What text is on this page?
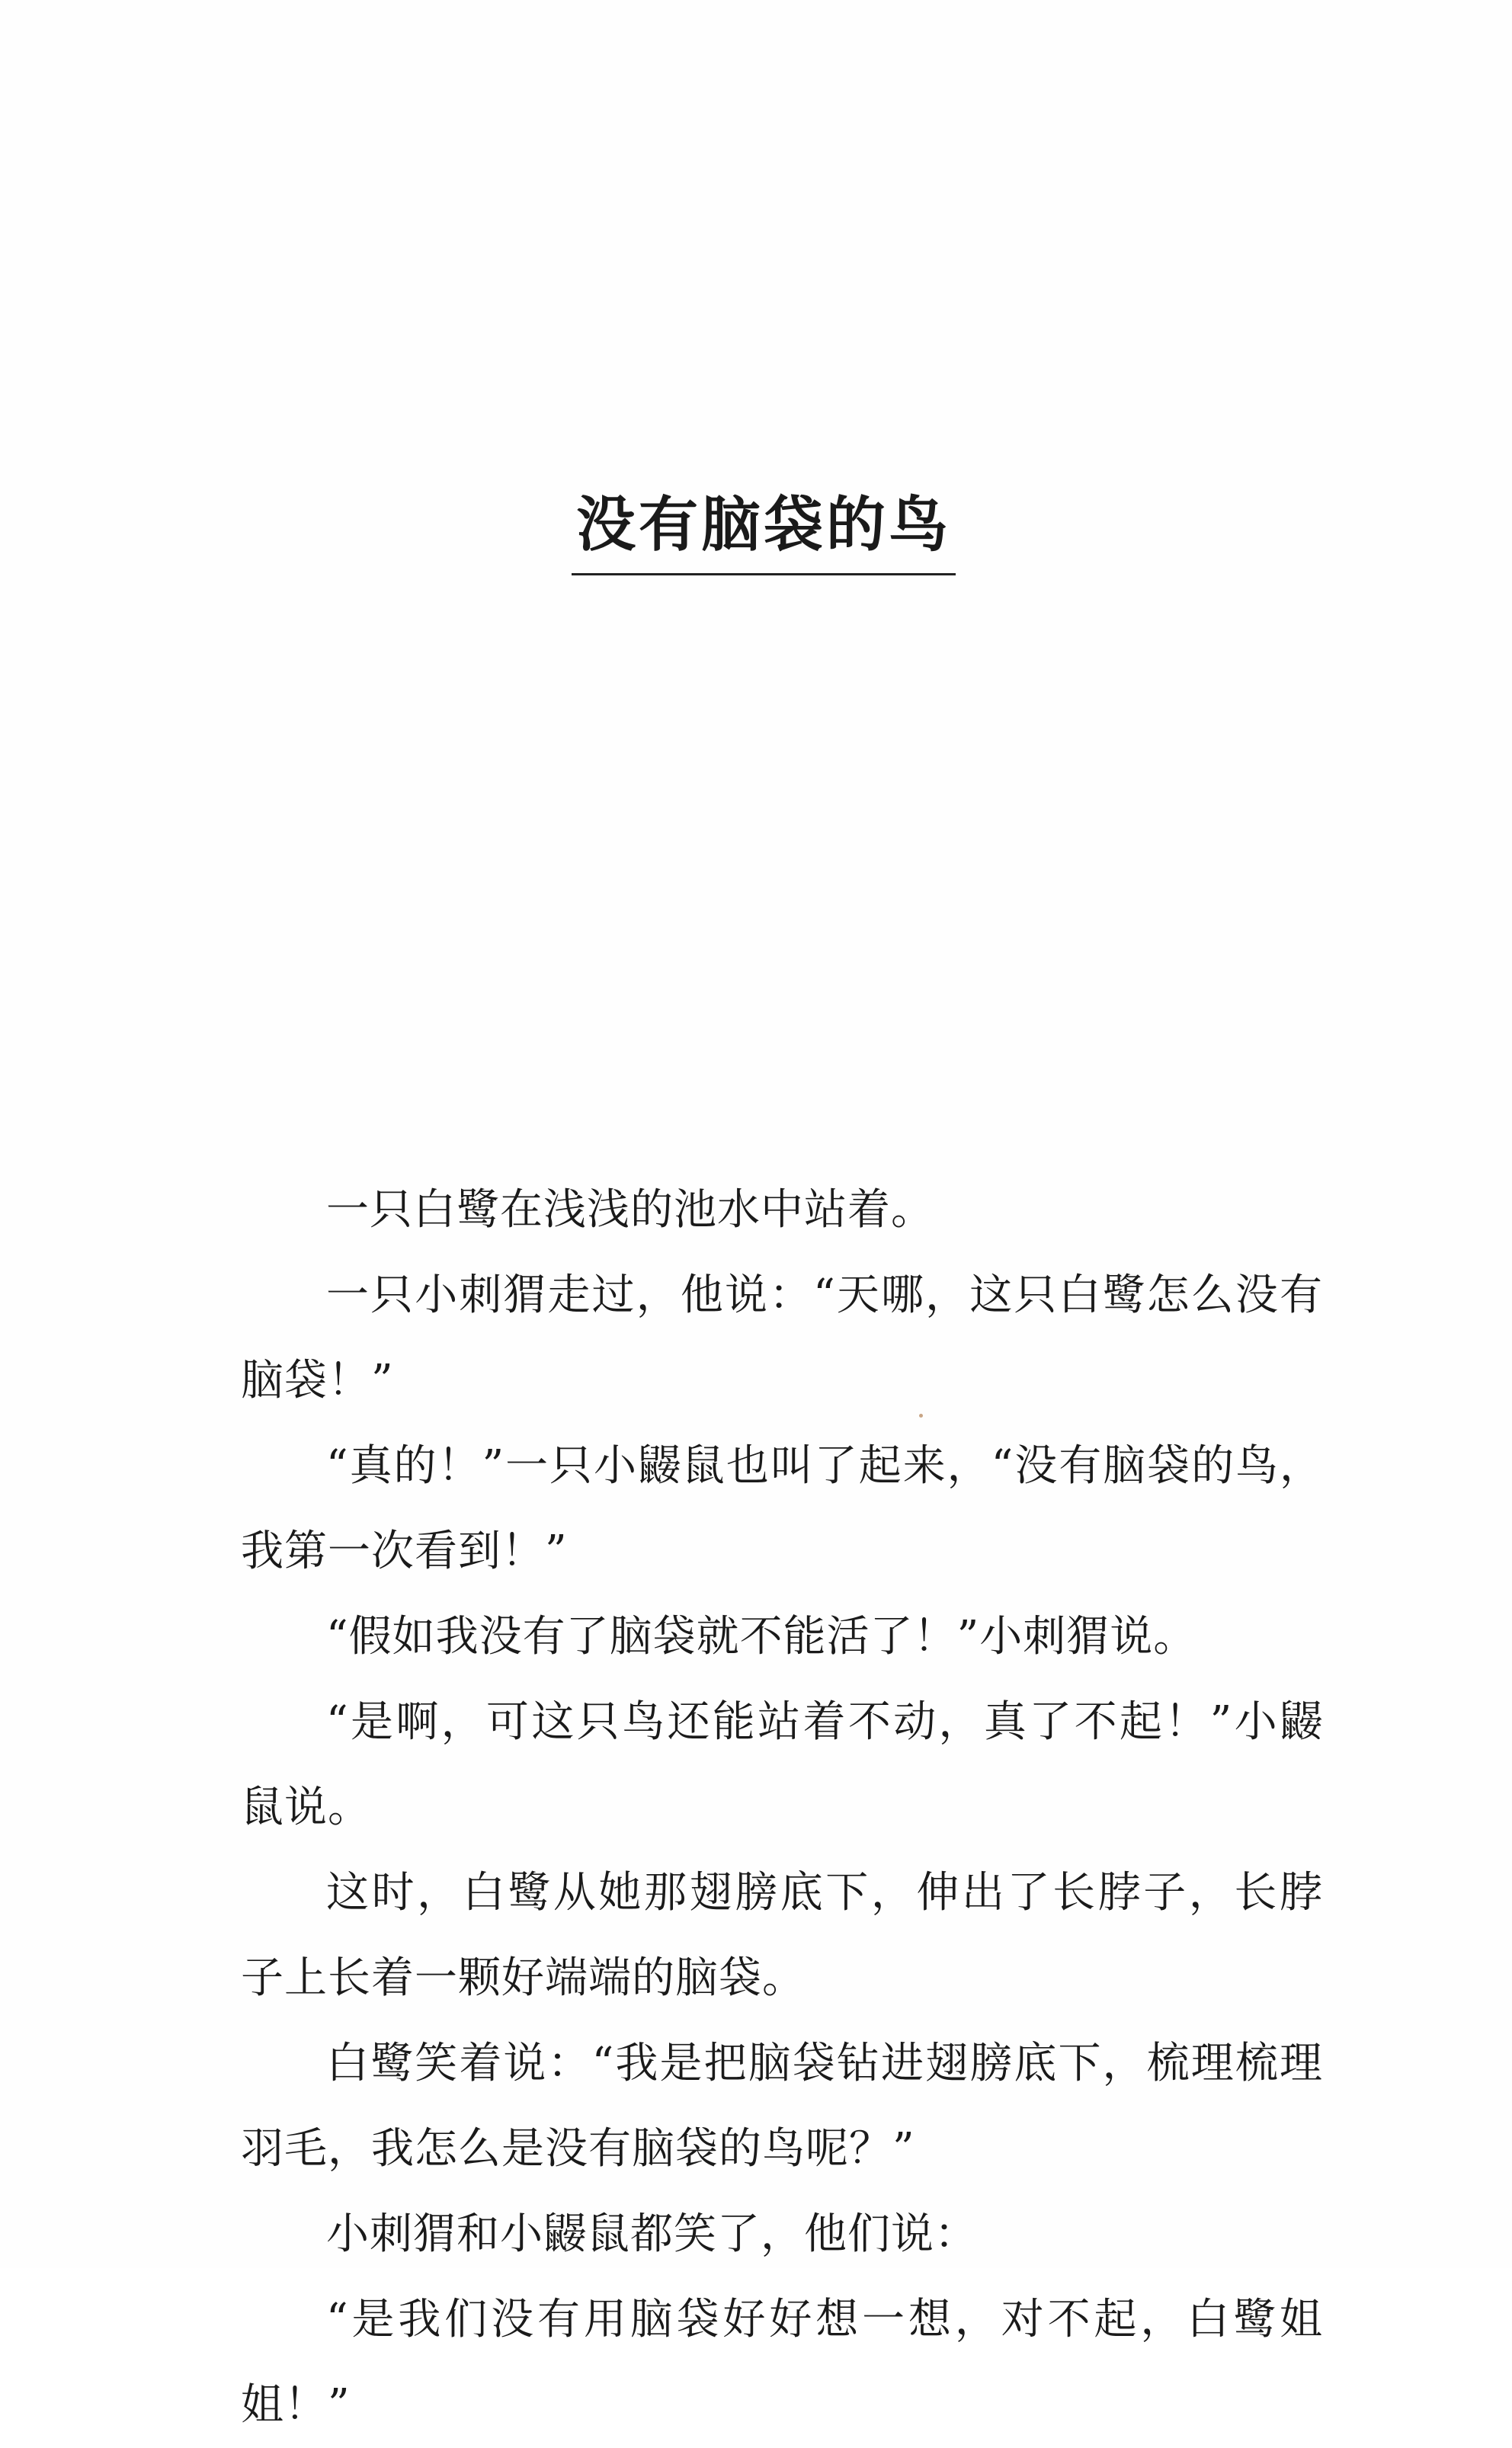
没有脑袋的鸟

一只白鹭在浅浅的池水中站着。

一只小刺猬走过，他说：“天哪，这只白鹭怎么没有脑袋！”

“真的！”一只小鼹鼠也叫了起来，“没有脑袋的鸟，我第一次看到！”

“假如我没有了脑袋就不能活了！”小刺猬说。

“是啊，可这只鸟还能站着不动，真了不起！”小鼹鼠说。

这时，白鹭从她那翅膀底下，伸出了长脖子，长脖子上长着一颗好端端的脑袋。

白鹭笑着说：“我是把脑袋钻进翅膀底下，梳理梳理羽毛，我怎么是没有脑袋的鸟呢？”

小刺猬和小鼹鼠都笑了，他们说：

“是我们没有用脑袋好好想一想，对不起，白鹭姐姐！”
